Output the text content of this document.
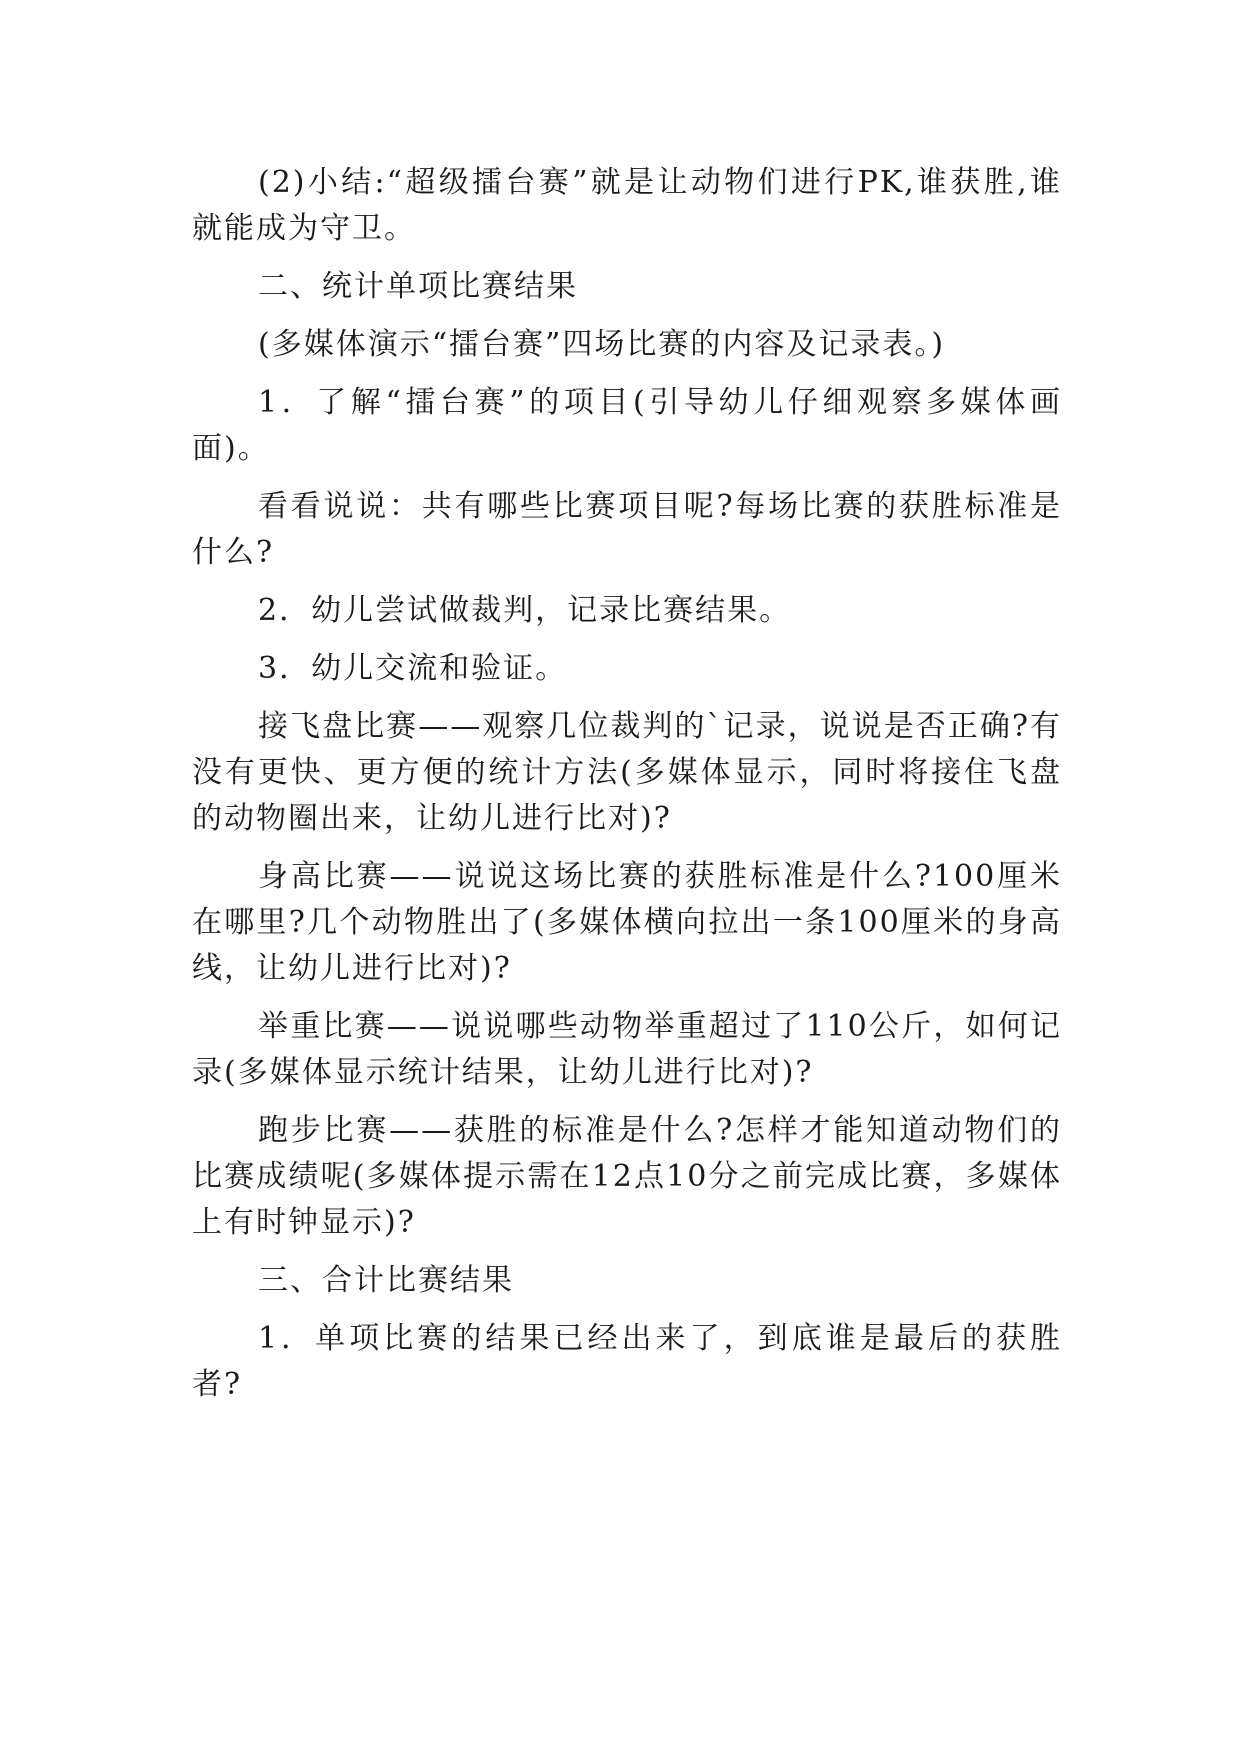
(2)小结:“超级擂台赛”就是让动物们进行PK,谁获胜,谁就能成为守卫。

二、统计单项比赛结果

(多媒体演示“擂台赛”四场比赛的内容及记录表。)

1．了解“擂台赛”的项目(引导幼儿仔细观察多媒体画面)。

看看说说：共有哪些比赛项目呢?每场比赛的获胜标准是什么?

2．幼儿尝试做裁判，记录比赛结果。

3．幼儿交流和验证。

接飞盘比赛——观察几位裁判的`记录，说说是否正确?有没有更快、更方便的统计方法(多媒体显示，同时将接住飞盘的动物圈出来，让幼儿进行比对)?

身高比赛——说说这场比赛的获胜标准是什么?100厘米在哪里?几个动物胜出了(多媒体横向拉出一条100厘米的身高线，让幼儿进行比对)?

举重比赛——说说哪些动物举重超过了110公斤，如何记录(多媒体显示统计结果，让幼儿进行比对)?

跑步比赛——获胜的标准是什么?怎样才能知道动物们的比赛成绩呢(多媒体提示需在12点10分之前完成比赛，多媒体上有时钟显示)?

三、合计比赛结果

1．单项比赛的结果已经出来了，到底谁是最后的获胜者?
